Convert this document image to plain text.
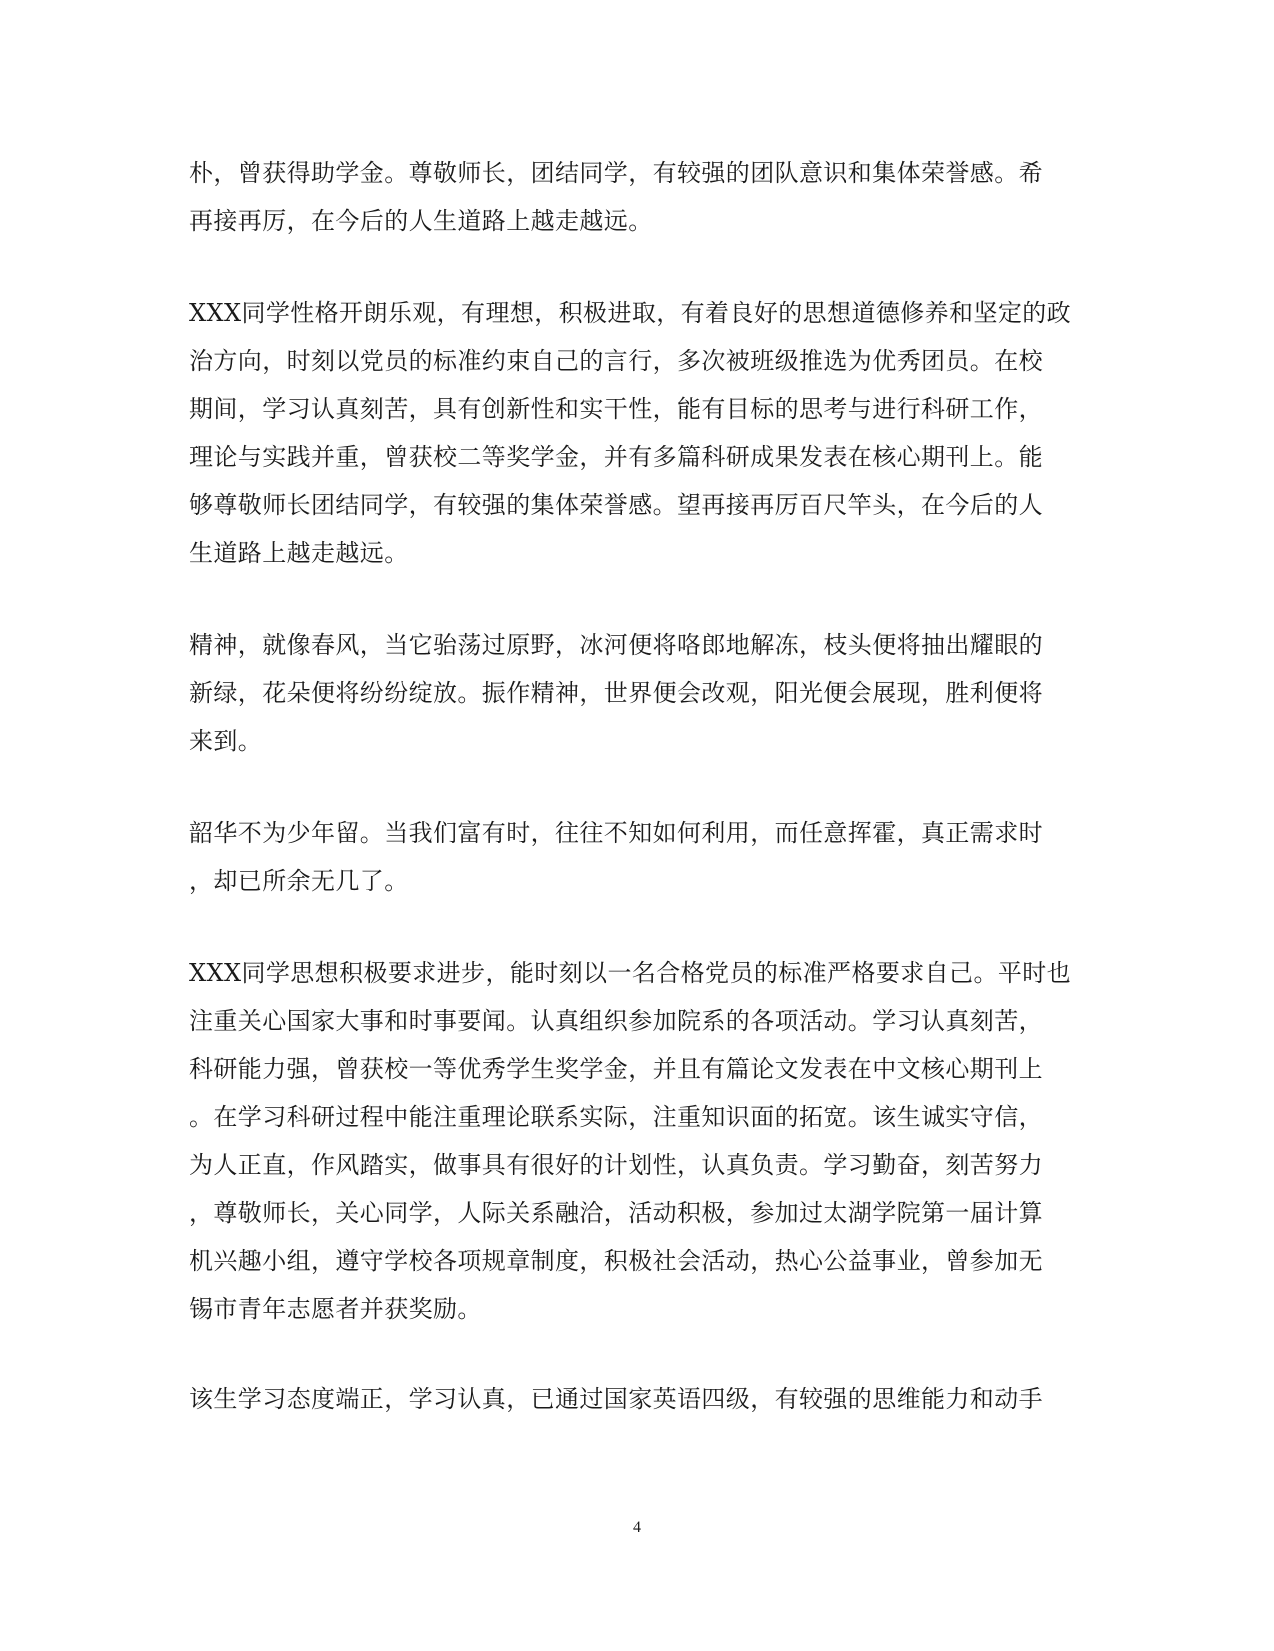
朴，曾获得助学金。尊敬师长，团结同学，有较强的团队意识和集体荣誉感。希
再接再厉，在今后的人生道路上越走越远。
XXX同学性格开朗乐观，有理想，积极进取，有着良好的思想道德修养和坚定的政
治方向，时刻以党员的标准约束自己的言行，多次被班级推选为优秀团员。在校
期间，学习认真刻苦，具有创新性和实干性，能有目标的思考与进行科研工作，
理论与实践并重，曾获校二等奖学金，并有多篇科研成果发表在核心期刊上。能
够尊敬师长团结同学，有较强的集体荣誉感。望再接再厉百尺竿头，在今后的人
生道路上越走越远。
精神，就像春风，当它骀荡过原野，冰河便将咯郎地解冻，枝头便将抽出耀眼的
新绿，花朵便将纷纷绽放。振作精神，世界便会改观，阳光便会展现，胜利便将
来到。
韶华不为少年留。当我们富有时，往往不知如何利用，而任意挥霍，真正需求时
，却已所余无几了。
XXX同学思想积极要求进步，能时刻以一名合格党员的标准严格要求自己。平时也
注重关心国家大事和时事要闻。认真组织参加院系的各项活动。学习认真刻苦，
科研能力强，曾获校一等优秀学生奖学金，并且有篇论文发表在中文核心期刊上
。在学习科研过程中能注重理论联系实际，注重知识面的拓宽。该生诚实守信，
为人正直，作风踏实，做事具有很好的计划性，认真负责。学习勤奋，刻苦努力
，尊敬师长，关心同学，人际关系融洽，活动积极，参加过太湖学院第一届计算
机兴趣小组，遵守学校各项规章制度，积极社会活动，热心公益事业，曾参加无
锡市青年志愿者并获奖励。
该生学习态度端正，学习认真，已通过国家英语四级，有较强的思维能力和动手
4
